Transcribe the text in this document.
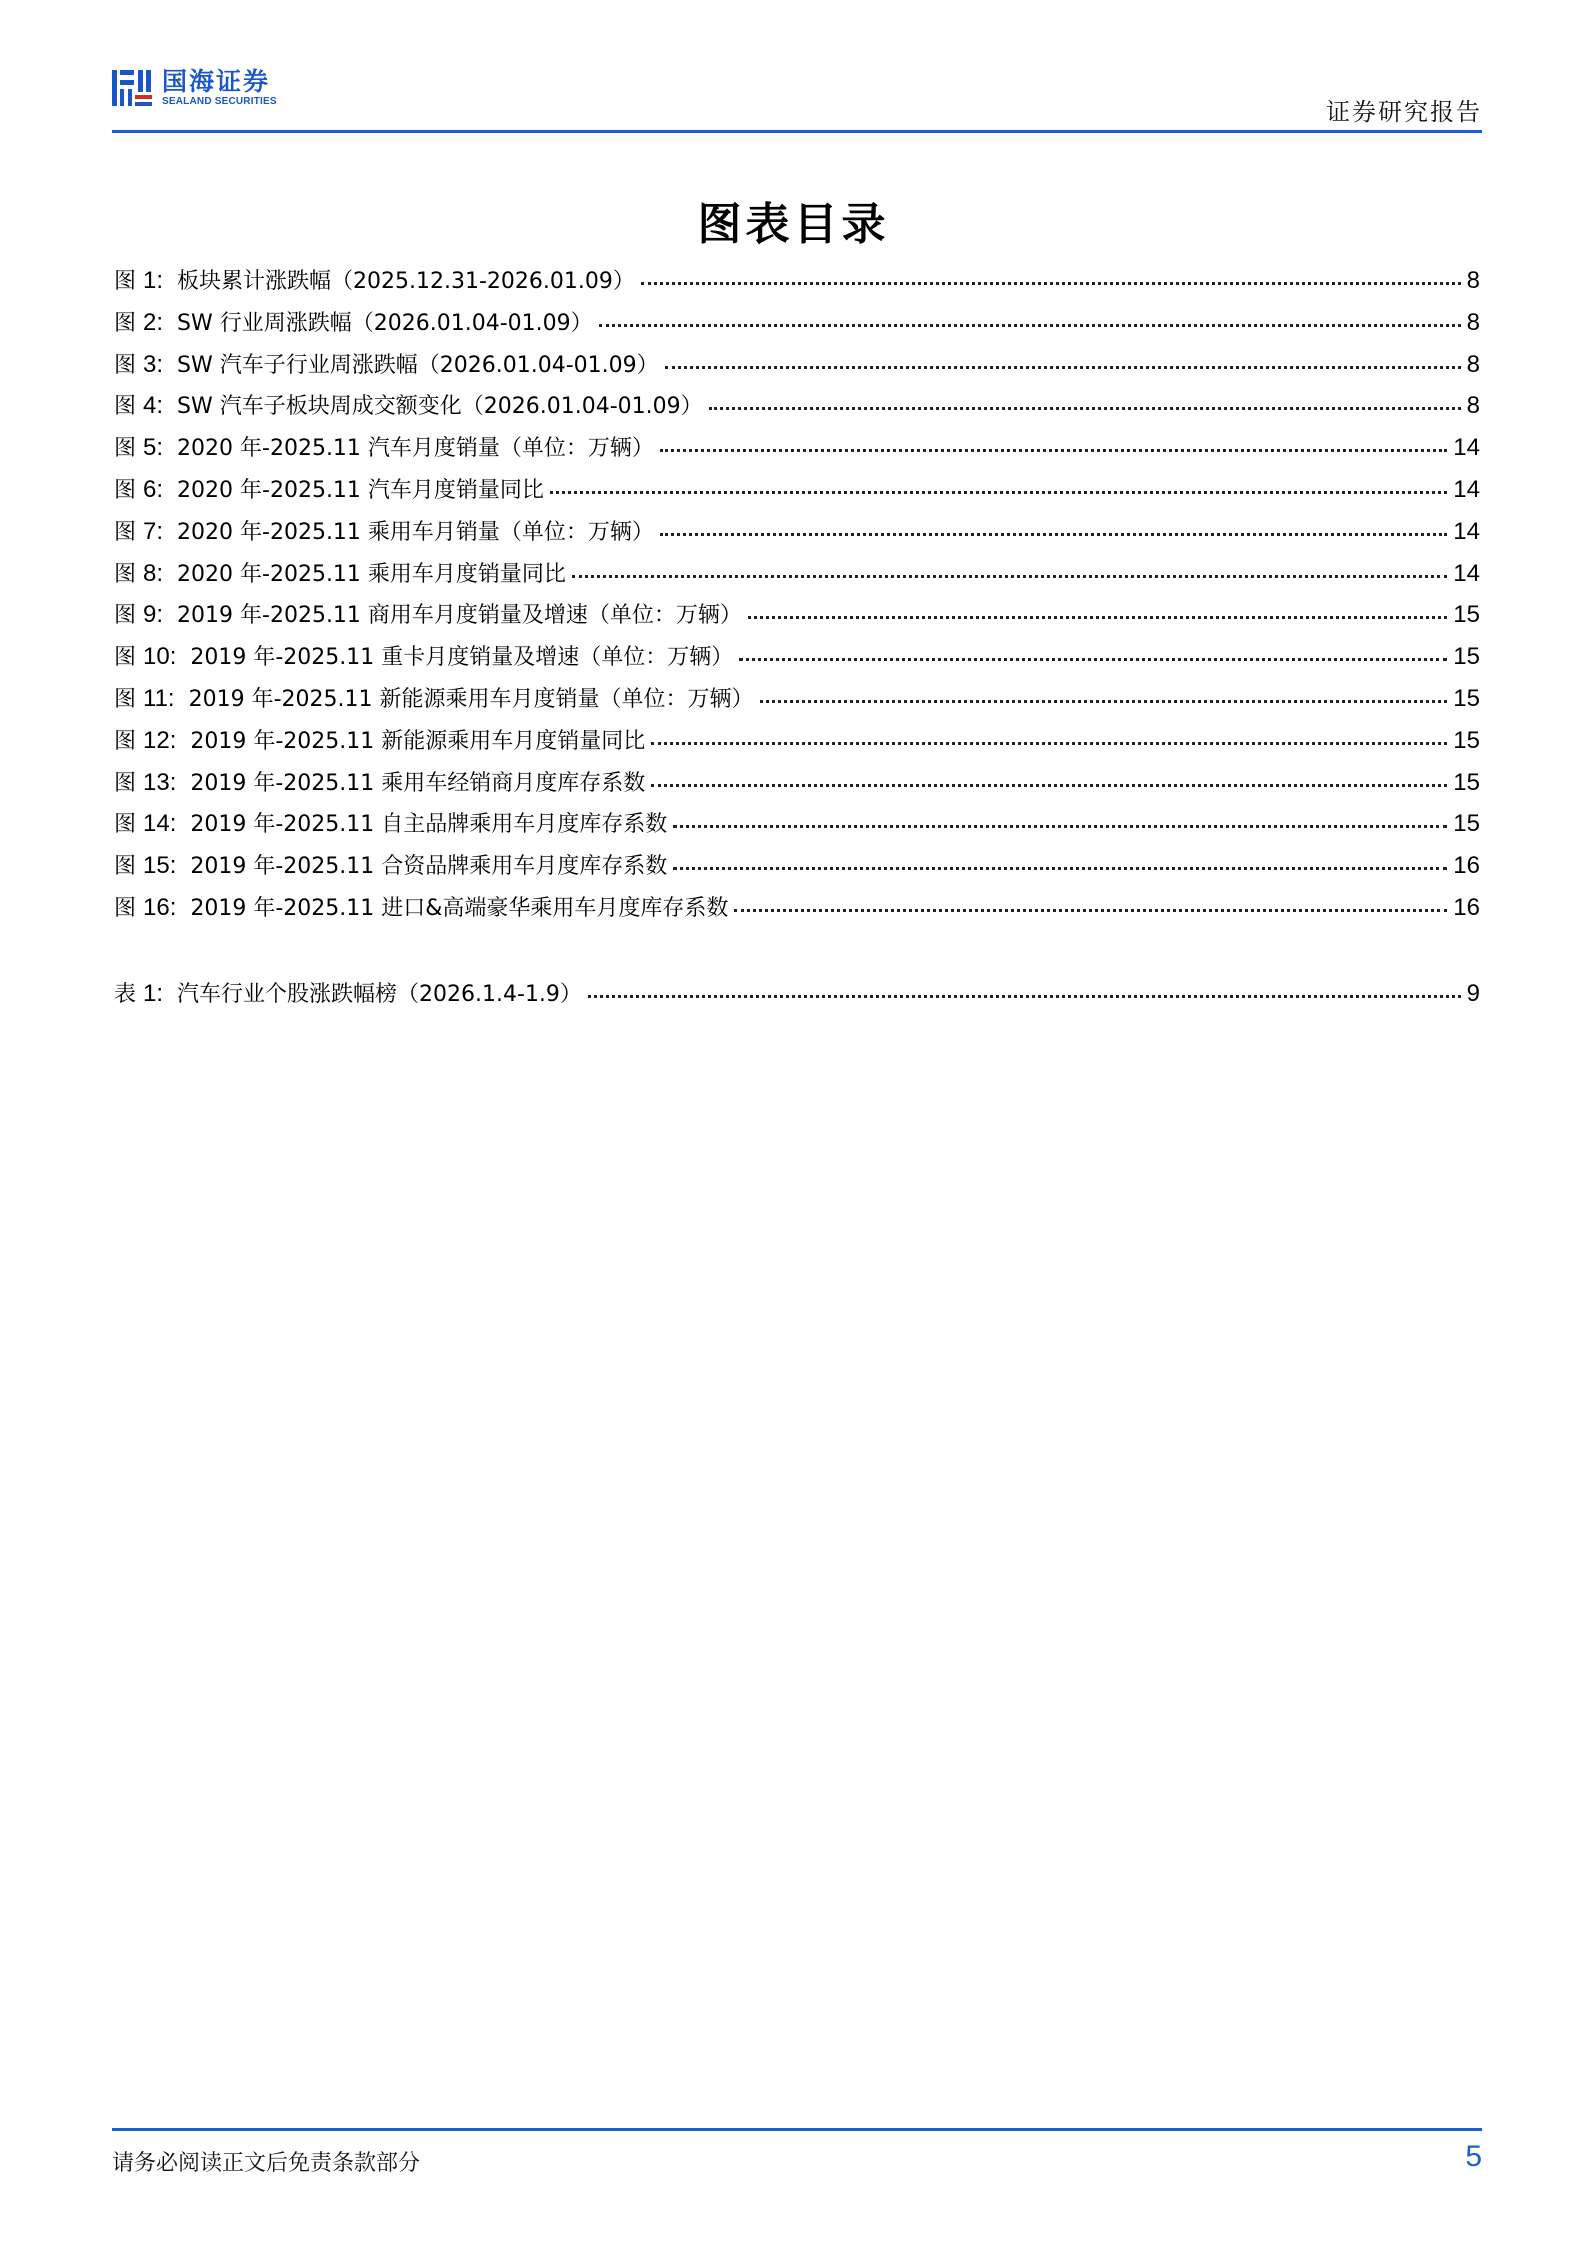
国海证券
SEALAND SECURITIES	证券研究报告
图表目录
图 1: 板块累计涨跌幅（2025.12.31-2026.01.09）	8
图 2: SW 行业周涨跌幅（2026.01.04-01.09）	8
图 3: SW 汽车子行业周涨跌幅（2026.01.04-01.09）	8
图 4: SW 汽车子板块周成交额变化（2026.01.04-01.09）	8
图 5: 2020 年-2025.11 汽车月度销量（单位：万辆）	14
图 6: 2020 年-2025.11 汽车月度销量同比	14
图 7: 2020 年-2025.11 乘用车月销量（单位：万辆）	14
图 8: 2020 年-2025.11 乘用车月度销量同比	14
图 9: 2019 年-2025.11 商用车月度销量及增速（单位：万辆）	15
图 10: 2019 年-2025.11 重卡月度销量及增速（单位：万辆）	15
图 11: 2019 年-2025.11 新能源乘用车月度销量（单位：万辆）	15
图 12: 2019 年-2025.11 新能源乘用车月度销量同比	15
图 13: 2019 年-2025.11 乘用车经销商月度库存系数	15
图 14: 2019 年-2025.11 自主品牌乘用车月度库存系数	15
图 15: 2019 年-2025.11 合资品牌乘用车月度库存系数	16
图 16: 2019 年-2025.11 进口&高端豪华乘用车月度库存系数	16
表 1: 汽车行业个股涨跌幅榜（2026.1.4-1.9）	9
请务必阅读正文后免责条款部分	5
